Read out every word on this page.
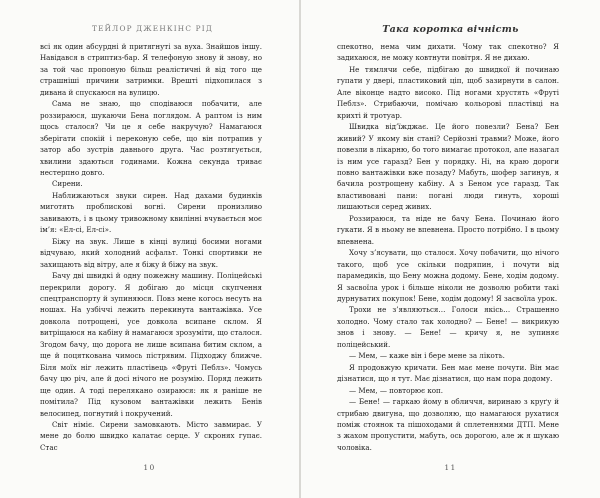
ТЕЙЛОР ДЖЕНКІНС РІД

всі як один абсурдні й притягнуті за вуха. Знайшов іншу. Навідався в стриптиз-бар. Я телефоную знову й знову, но за той час пропоную більш реалістичні й від того ще страшніші причини затримки. Врешті підхопилася з дивана й спускаюся на вулицю.

Сама не знаю, що сподіваюся побачити, але роззираюся, шукаючи Бена поглядом. А раптом із ним щось сталося? Чи це я себе накручую? Намагаюся зберігати спокій і переконую себе, що він потрапив у затор або зустрів давнього друга. Час розтягується, хвилини здаються годинами. Кожна секунда триває нестерпно довго.

Сирени.

Наближаються звуки сирен. Над дахами будинків миготять проблискові вогні. Сирени пронизливо завивають, і в цьому тривожному квилінні вчувається моє ім’я: «Ел-сі, Ел-сі».

Біжу на звук. Лише в кінці вулиці босими ногами відчуваю, який холодний асфальт. Тонкі спортивки не захищають від вітру, але я біжу й біжу на звук.

Бачу дві швидкі й одну пожежну машину. Поліцейські перекрили дорогу. Я добігаю до місця скупчення спецтранспорту й зупиняюся. Повз мене когось несуть на ношах. На узбіччі лежить перекинута вантажівка. Усе довкола потрощені, усе довкола всипане склом. Я витріщаюся на кабіну й намагаюся зрозуміти, що сталося. Згодом бачу, що дорога не лише всипана битим склом, а ще й поцяткована чимось пістрявим. Підходжу ближче. Біля моїх ніг лежить пластівець «Фруті Пеблз». Чомусь бачу цю річ, але й досі нічого не розумію. Поряд лежить ще один. А тоді перелякано озираюся: як я раніше не помітила? Під кузовом вантажівки лежить Бенів велосипед, погнутий і покручений.

Світ німіє. Сирени замовкають. Місто завмирає. У мене до болю швидко калатає серце. У скронях гупає. Стас

10
Така коротка вічність

спекотно, нема чим дихати. Чому так спекотно? Я задихаюся, не можу ковтнути повітря. Я не дихаю.

Не тямлячи себе, підбігаю до швидкої й починаю гупати у двері, пластиковий ціп, щоб зазирнути в салон. Але віконце надто високо. Під ногами хрустять «Фруті Пеблз». Стрибаючи, помічаю кольорові пластівці на крихті й тротуар.

Швидка від’їжджає. Це його повезли? Бена? Бен живий? У якому він стані? Серйозні травми? Може, його повезли в лікарню, бо того вимагає протокол, але назагал із ним усе гаразд? Бен у порядку. Ні, на краю дороги повно вантажівки вже позаду? Мабуть, шофер загинув, я бачила розтрощену кабіну. А з Беном усе гаразд. Так властивовані пани: погані люди гинуть, хороші лишаються серед живих.

Роззираюся, та ніде не бачу Бена. Починаю його гукати. Я в ньому не впевнена. Просто потрібно. І в цьому впевнена.

Хочу з’ясувати, що сталося. Хочу побачити, що нічого такого, щоб усе скільки подряпин, і почути від парамедиків, що Бену можна додому. Бене, ходім додому. Я засвоїла урок і більше ніколи не дозволю робити такі дурнуватих покупок! Бене, ходім додому! Я засвоїла урок.

Трохи не з’являються… Голоси якісь… Страшенно холодно. Чому стало так холодно? — Бене! — викрикую знов і знову. — Бене! — кричу я, не зупиняє поліцейський.

— Мем, — каже він і бере мене за лікоть.

Я продовжую кричати. Бен має мене почути. Він має дізнатися, що я тут. Має дізнатися, що нам пора додому.

— Мем, — повторює коп.

— Бене! — гаркаю йому в обличчя, виринаю з круґу й стрибаю двигуна, що дозволяю, що намагаюся рухатися поміж стоянок та пішоходами й сплетеннями ДТП. Мене з жахом пропустити, мабуть, ось дорогою, але ж я шукаю чоловіка.

11
